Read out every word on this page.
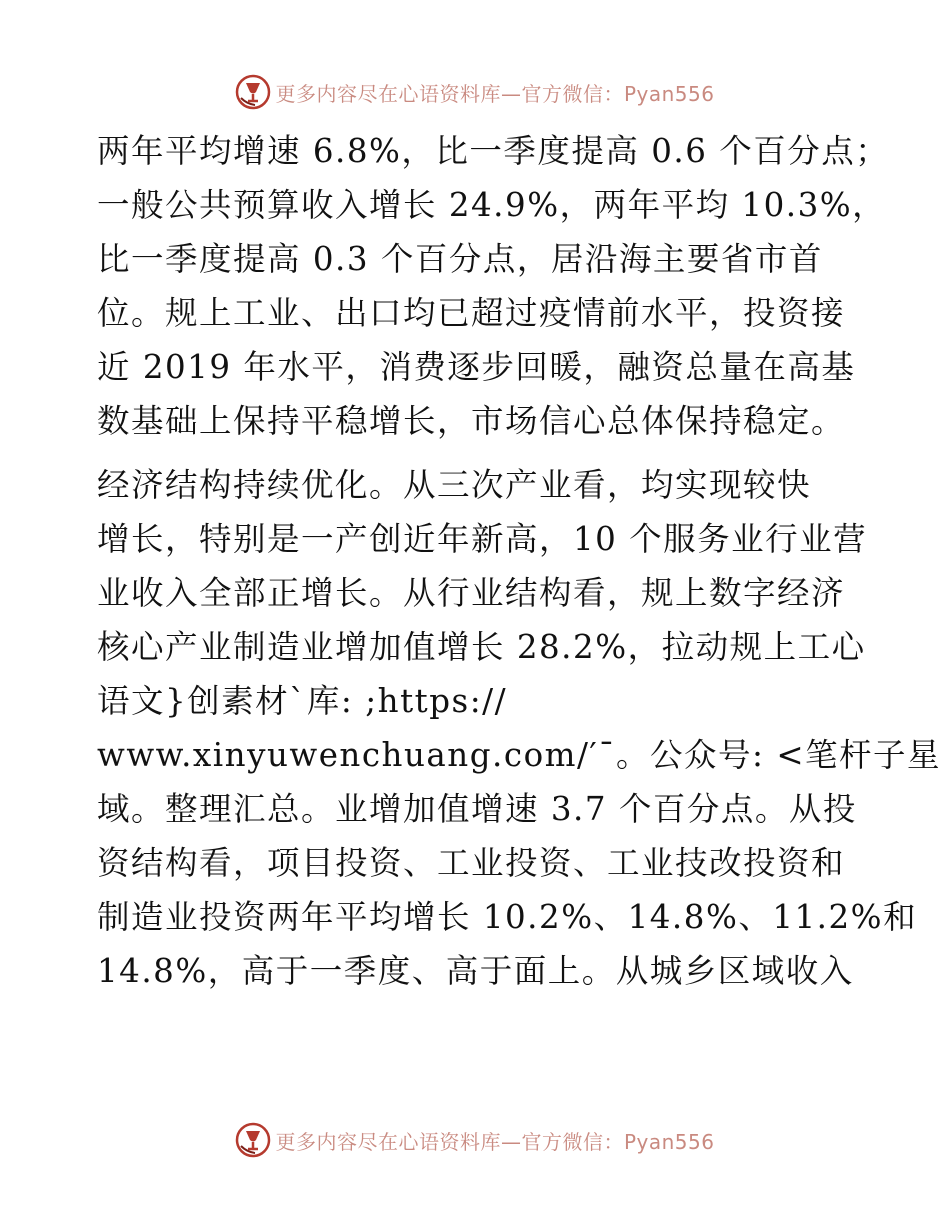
更多内容尽在心语资料库—官方微信：Pyan556
两年平均增速 6.8%，比一季度提高 0.6 个百分点；
一般公共预算收入增长 24.9%，两年平均 10.3%，
比一季度提高 0.3 个百分点，居沿海主要省市首
位。规上工业、出口均已超过疫情前水平，投资接
近 2019 年水平，消费逐步回暖，融资总量在高基
数基础上保持平稳增长，市场信心总体保持稳定。
经济结构持续优化。从三次产业看，均实现较快
增长，特别是一产创近年新高，10 个服务业行业营
业收入全部正增长。从行业结构看，规上数字经济
核心产业制造业增加值增长 28.2%，拉动规上工心
语文}创素材`库: ;https://
www.xinyuwenchuang.com/′¯。公众号: <笔杆子星
域。整理汇总。业增加值增速 3.7 个百分点。从投
资结构看，项目投资、工业投资、工业技改投资和
制造业投资两年平均增长 10.2%、14.8%、11.2%和
14.8%，高于一季度、高于面上。从城乡区域收入
更多内容尽在心语资料库—官方微信：Pyan556
